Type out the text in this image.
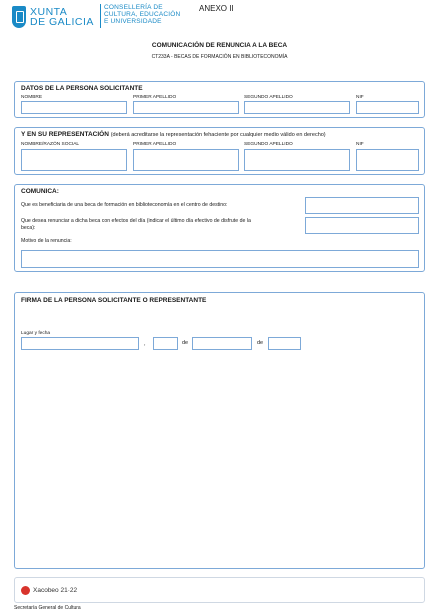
XUNTA
DE GALICIA
CONSELLERÍA DE
CULTURA, EDUCACIÓN
E UNIVERSIDADE
ANEXO II
COMUNICACIÓN DE RENUNCIA A LA BECA
CT233A - BECAS DE FORMACIÓN EN BIBLIOTECONOMÍA
DATOS DE LA PERSONA SOLICITANTE
NOMBRE	PRIMER APELLIDO	SEGUNDO APELLIDO	NIF
Y EN SU REPRESENTACIÓN (deberá acreditarse la representación fehaciente por cualquier medio válido en derecho)
NOMBRE/RAZÓN SOCIAL	PRIMER APELLIDO	SEGUNDO APELLIDO	NIF
COMUNICA:
Que es beneficiaria de una beca de formación en biblioteconomía en el centro de destino:
Que desea renunciar a dicha beca con efectos del día (indicar el último día efectivo de disfrute de la
beca):
Motivo de la renuncia:
FIRMA DE LA PERSONA SOLICITANTE O REPRESENTANTE
Lugar y fecha
,	de	de
Xacobeo 21·22
Secretaría General de Cultura
